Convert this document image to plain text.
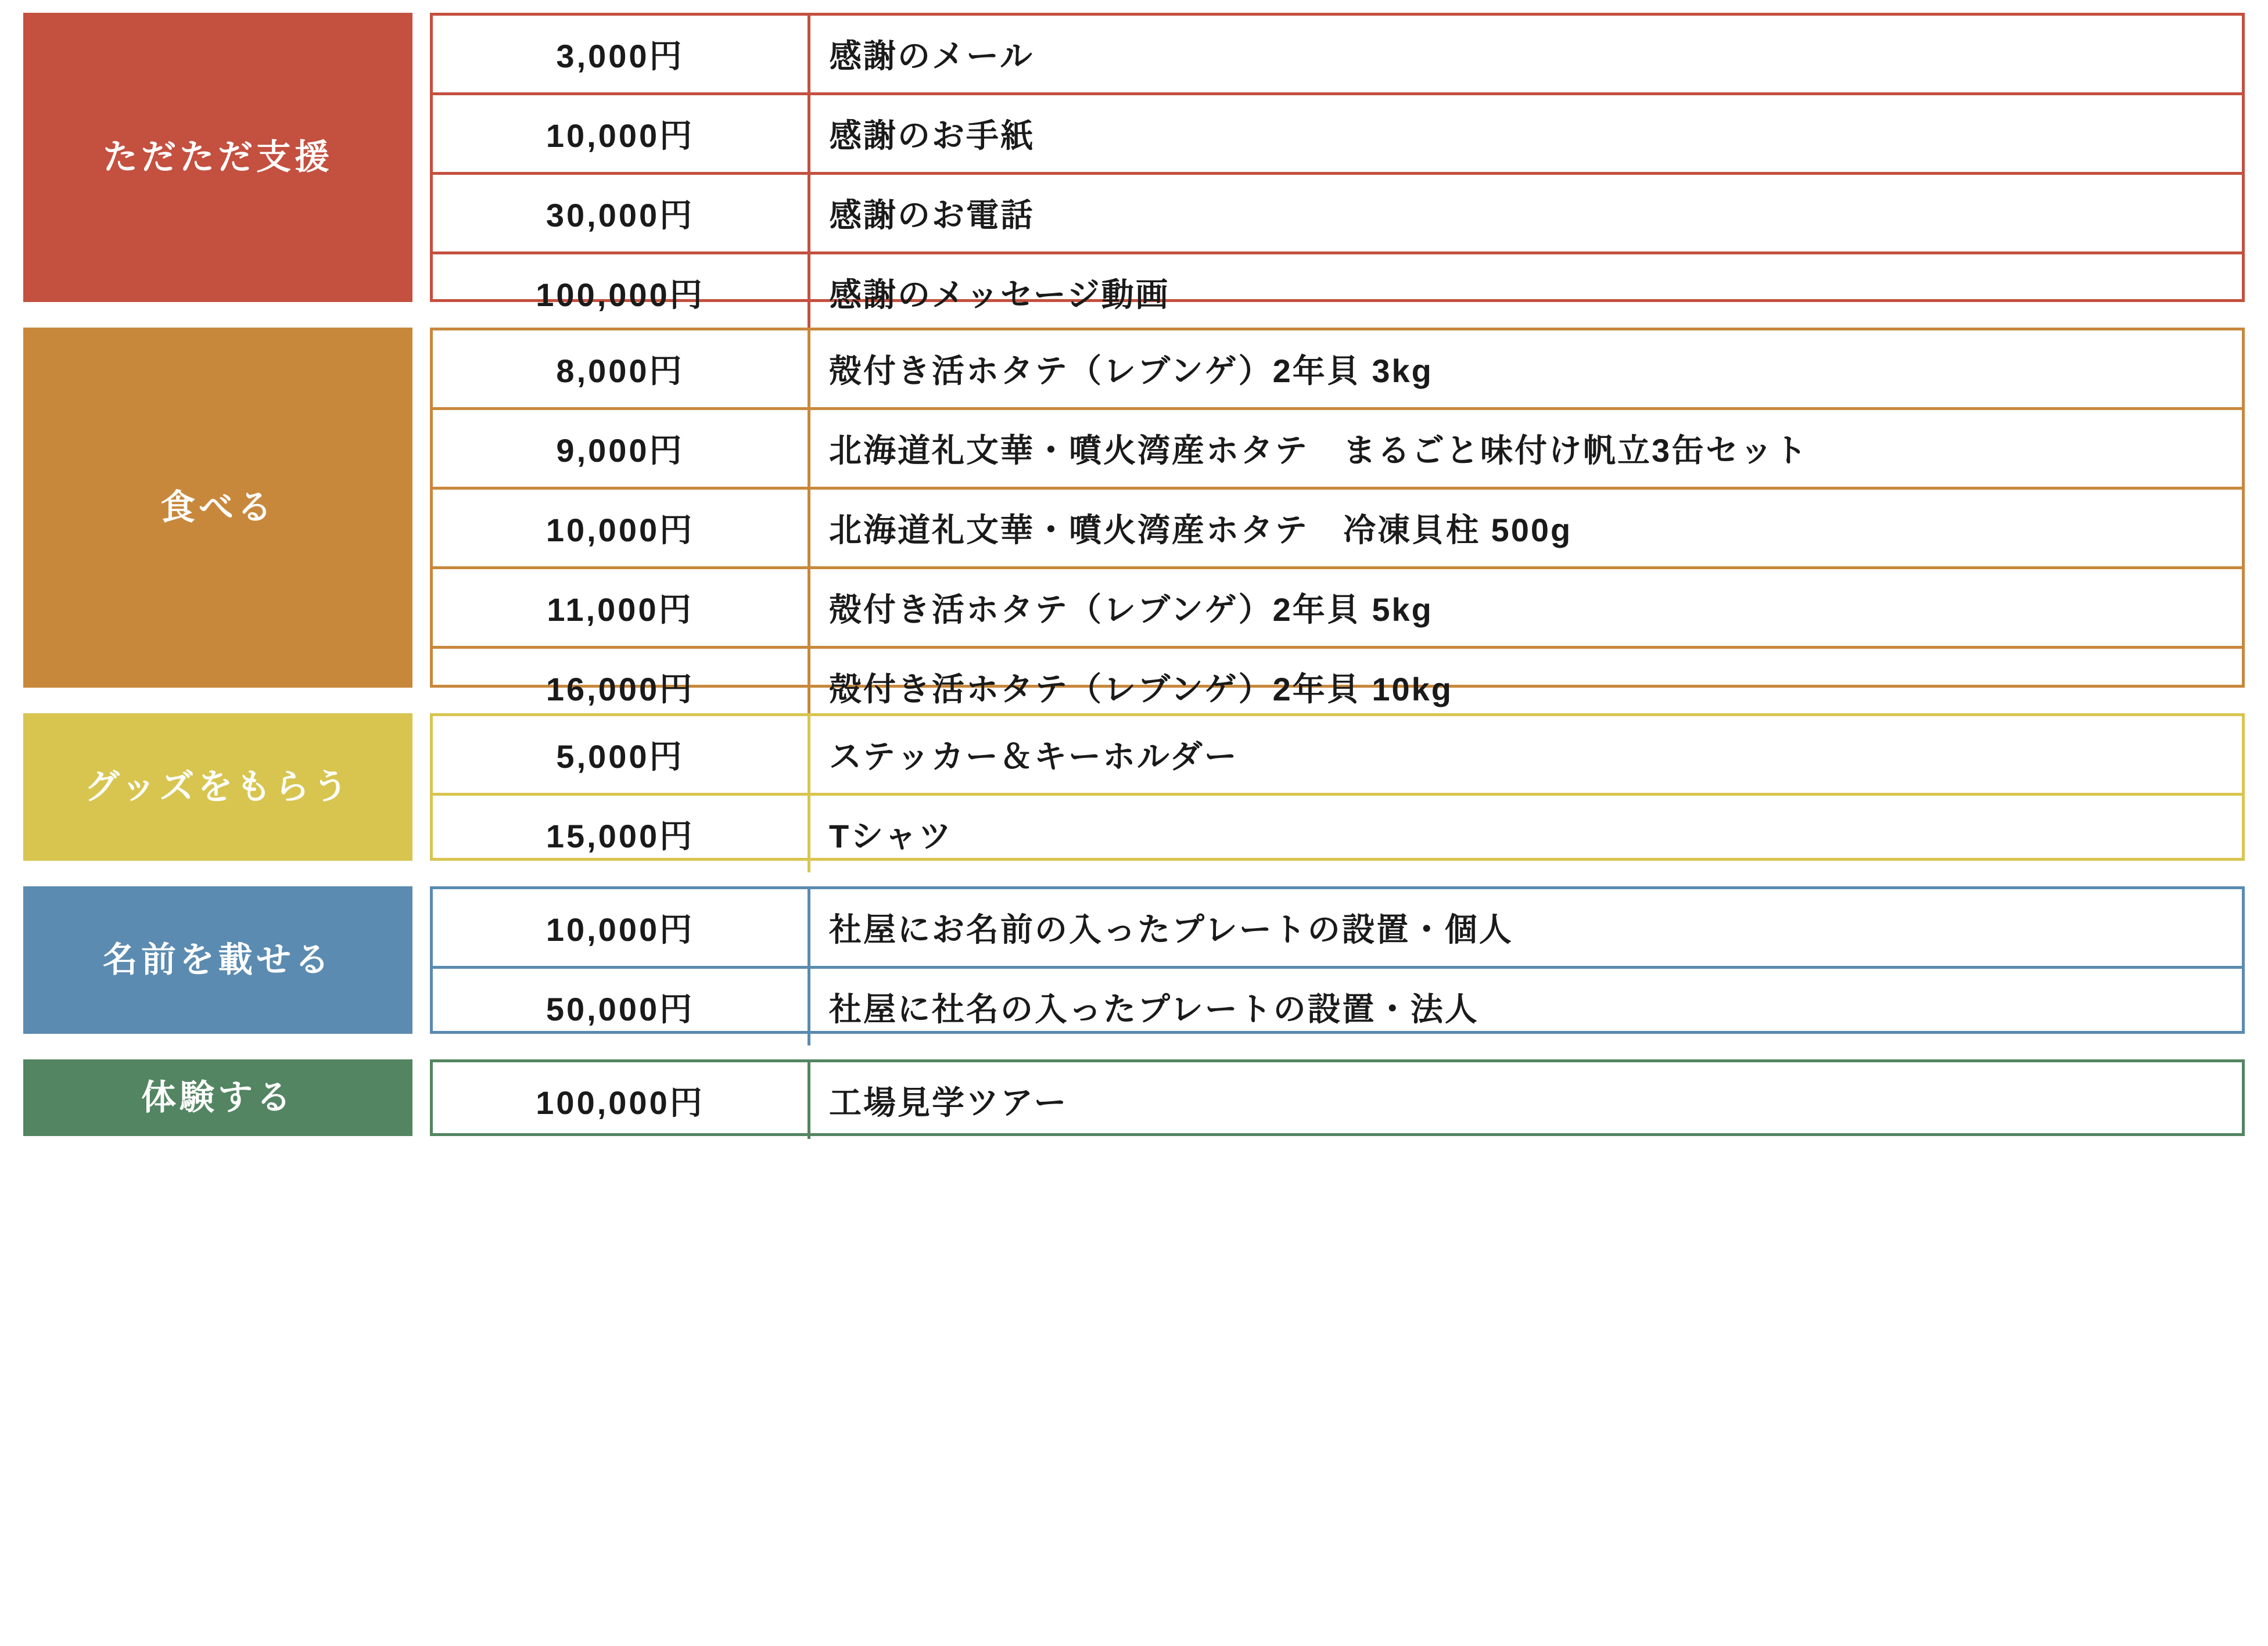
ただただ支援
3,000円	感謝のメール
10,000円	感謝のお手紙
30,000円	感謝のお電話
100,000円	感謝のメッセージ動画
食べる
8,000円	殻付き活ホタテ（レブンゲ）2年貝 3kg
9,000円	北海道礼文華・噴火湾産ホタテ　まるごと味付け帆立3缶セット
10,000円	北海道礼文華・噴火湾産ホタテ　冷凍貝柱 500g
11,000円	殻付き活ホタテ（レブンゲ）2年貝 5kg
16,000円	殻付き活ホタテ（レブンゲ）2年貝 10kg
グッズをもらう
5,000円	ステッカー＆キーホルダー
15,000円	Tシャツ
名前を載せる
10,000円	社屋にお名前の入ったプレートの設置・個人
50,000円	社屋に社名の入ったプレートの設置・法人
体験する	100,000円	工場見学ツアー
